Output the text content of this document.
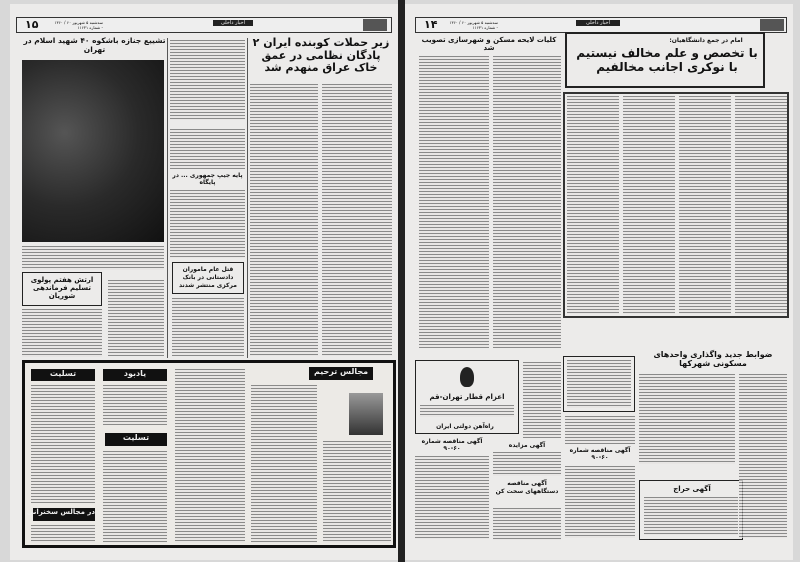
۱۵	سه‌شنبه ۵ شهریور ۶۰ / ۱۳۶۰ - شماره ۱۱۶۳۱
اخبار داخلی
تشییع جنازه باشکوه ۴۰ شهید اسلام در تهران
ارتش هفتم پولوی تسلیم فرماندهی شوریان
پایه جیپ جمهوری ... در پایگاه
قتل عام ماموران دادستانی در بانک مرکزی منتشر شدند
زیر حملات کوبنده ایران ۲ پادگان نظامی در عمق خاک عراق منهدم شد
تسلیت
در مجالس سخنرانی
یادبود
تسلیت
مجالس ترحیم
۱۴	سه‌شنبه ۵ شهریور ۶۰ / ۱۳۶۰ - شماره ۱۱۶۳۱
اخبار داخلی
کلیات لایحه مسکن و شهرسازی تصویب شد
امام در جمع دانشگاهیان:
با تخصص و علم مخالف نیستیم با نوکری اجانب مخالفیم
ضوابط جدید واگذاری واحدهای مسکونی شهرکها
اعزام قطار تهران-قم
راه‌آهن دولتی ایران
آگهی مناقصه شماره ۶۰-۹۰	آگهی مزایده
آگهی مناقصه دستگاههای سخت کن
آگهی مناقصه شماره ۶۰-۹۰
آگهی حراج
